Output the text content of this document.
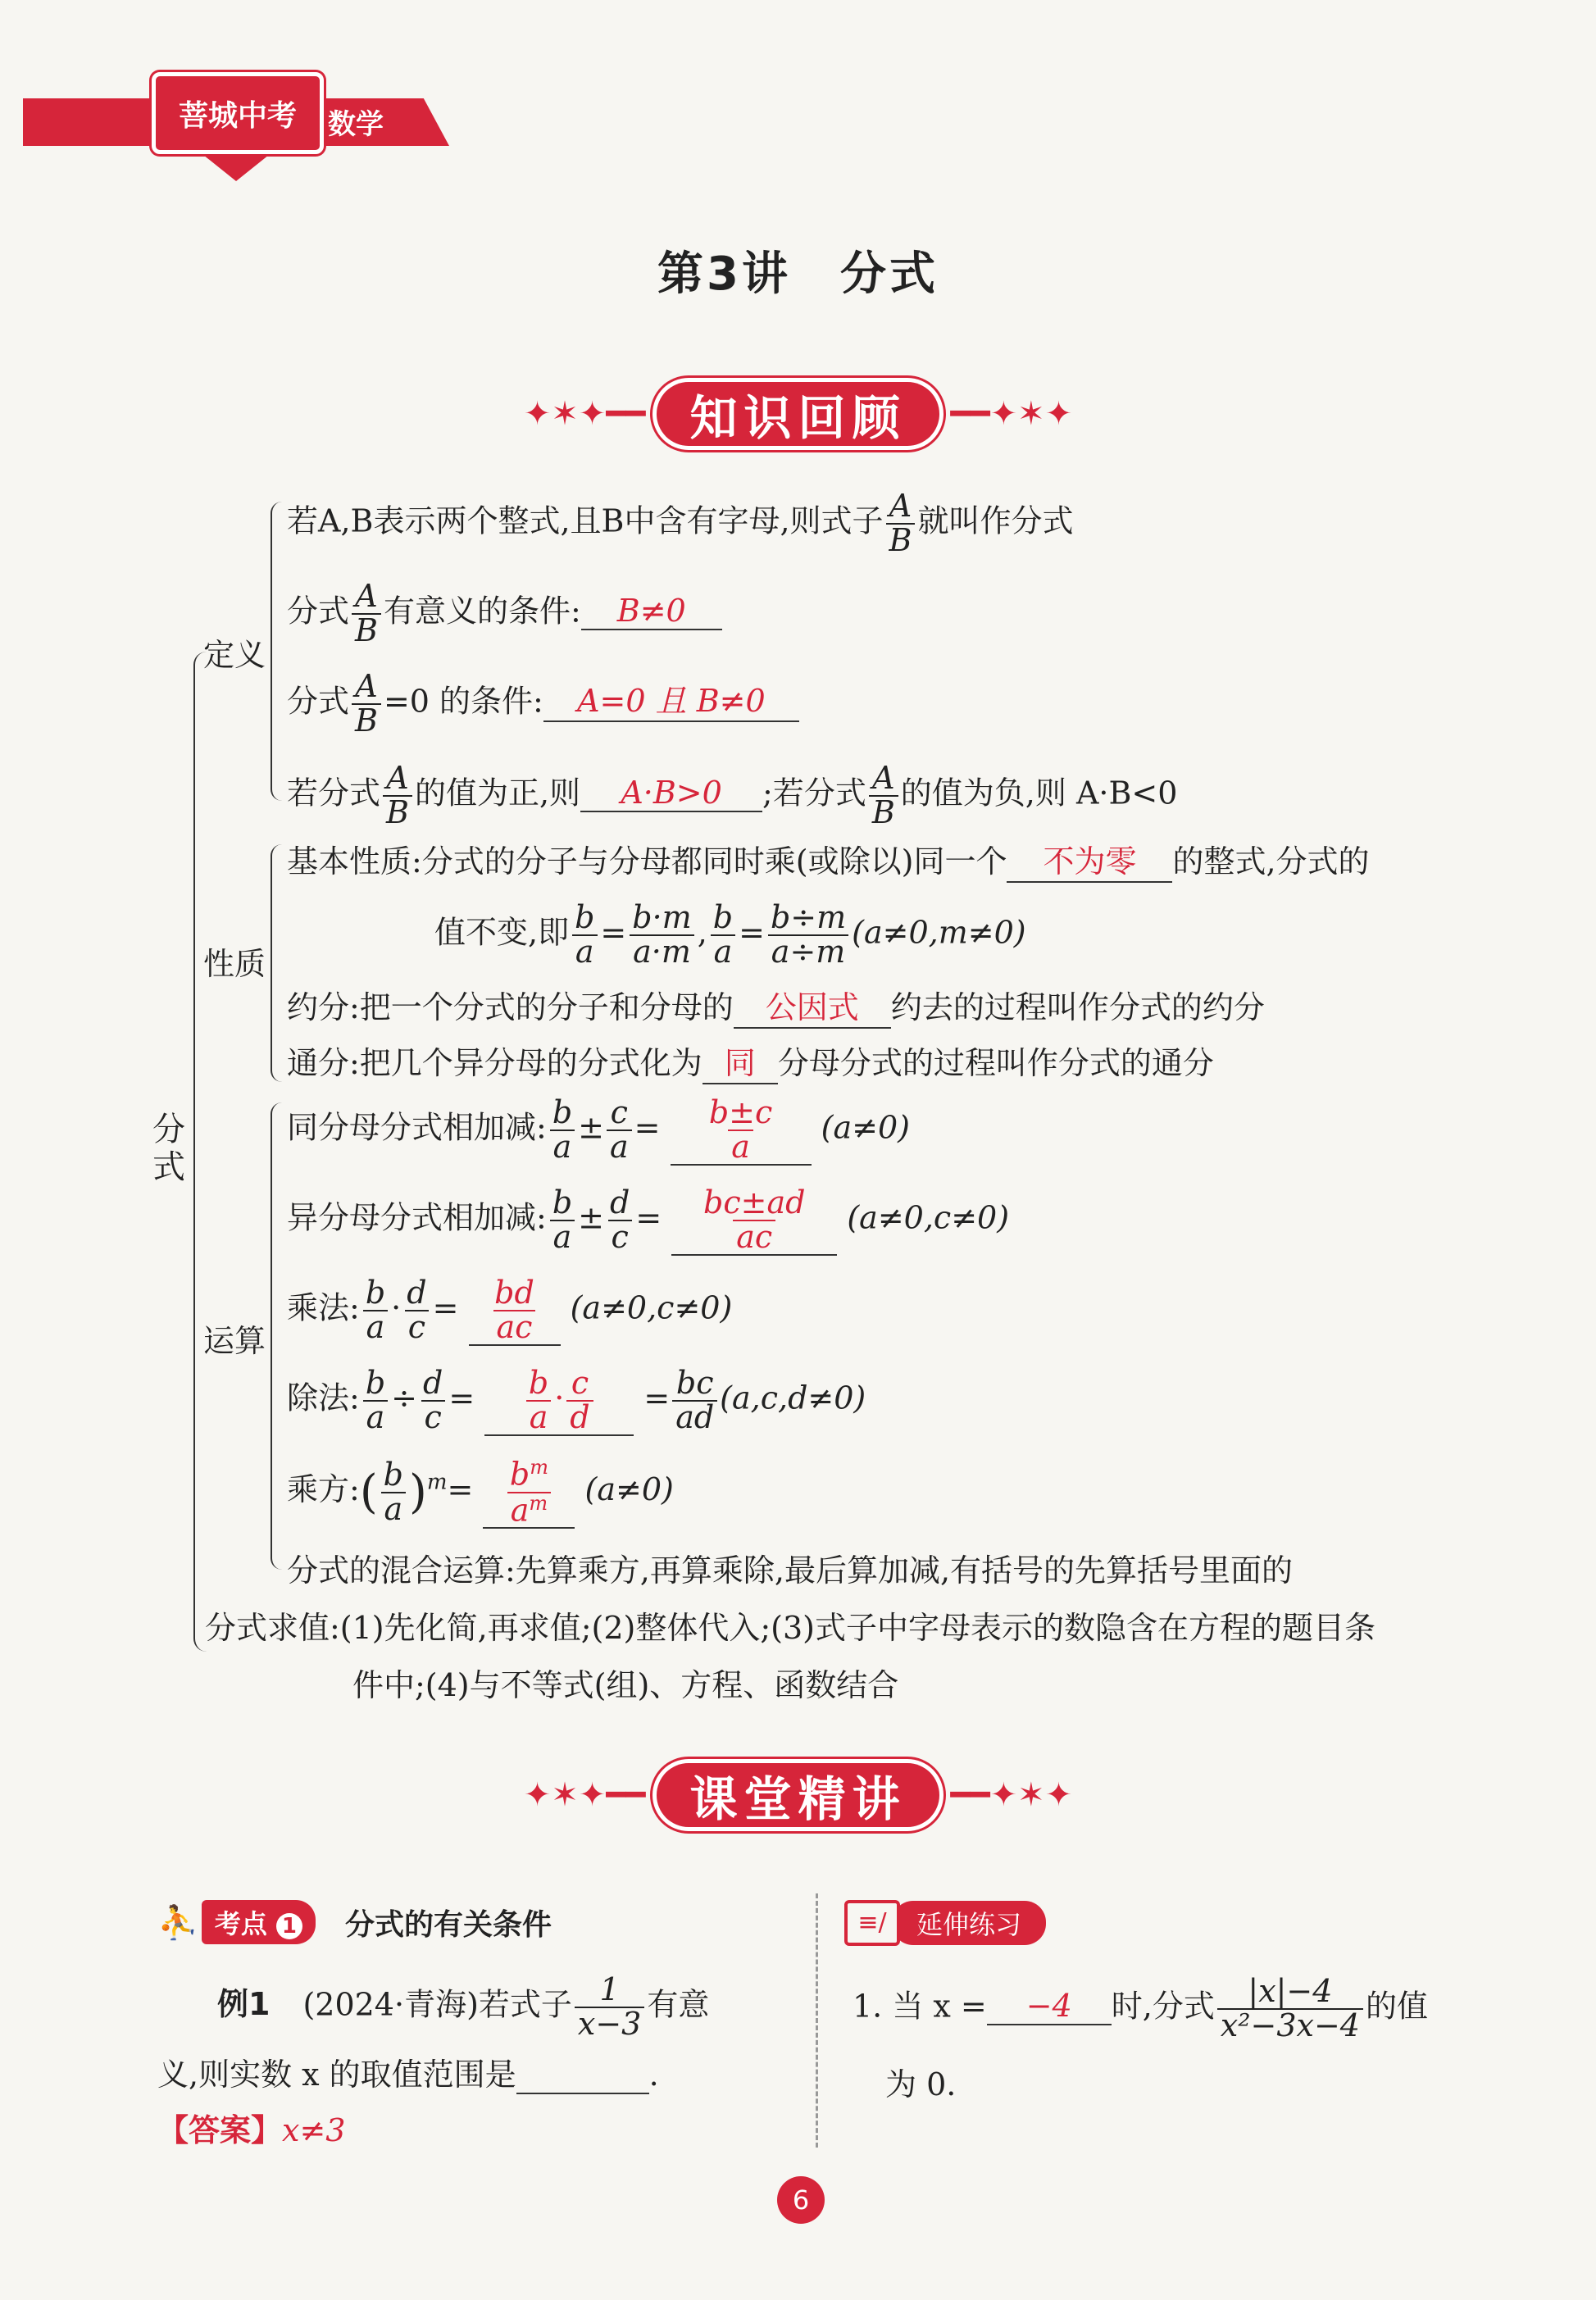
菩城中考	数学
第3讲　分式
✦✶✦━━ 知识回顾 ━━✦✶✦
分式
定义
若A,B表示两个整式,且B中含有字母,则式子 $\frac{A}{B}$ 就叫作分式
分式 $\frac{A}{B}$ 有意义的条件: B≠0
分式 $\frac{A}{B} =0$ 的条件: A=0 且 B≠0
若分式 $\frac{A}{B}$ 的值为正,则 A·B>0 ;若分式 $\frac{A}{B}$ 的值为负,则 A·B<0
性质
基本性质:分式的分子与分母都同时乘(或除以)同一个 不为零 的整式,分式的
值不变,即 $\frac{b}{a} = \frac{b\cdot m}{a\cdot m}$ , $\frac{b}{a} = \frac{b\div m}{a\div m} (a\ne 0,m\ne 0)$
约分:把一个分式的分子和分母的 公因式 约去的过程叫作分式的约分
通分:把几个异分母的分式化为 同 分母分式的过程叫作分式的通分
运算
同分母分式相加减: $\frac{b}{a} \pm \frac{c}{a} = \frac{b\pm c}{a} (a\ne 0)$
异分母分式相加减: $\frac{b}{a} \pm \frac{d}{c} = \frac{bc\pm ad}{ac} (a\ne 0,c\ne 0)$
乘法: $\frac{b}{a} \cdot \frac{d}{c} = \frac{bd}{ac} (a\ne 0,c\ne 0)$
除法: $\frac{b}{a} \div \frac{d}{c} = \frac{b}{a} \cdot \frac{c}{d} = \frac{bc}{ad} (a,c,d\ne 0)$
乘方:( $\frac{b}{a} )^m= \frac{b^m}{a^m} (a\ne 0)$
分式的混合运算:先算乘方,再算乘除,最后算加减,有括号的先算括号里面的
分式求值:(1)先化简,再求值;(2)整体代入;(3)式子中字母表示的数隐含在方程的题目条
件中;(4)与不等式(组)、方程、函数结合
✦✶✦━━ 课堂精讲 ━━✦✶✦
⛹ 考点 1	分式的有关条件
例1 (2024·青海)若式子 $\frac{1}{x-3}$ 有意
义,则实数 x 的取值范围是	.
【答案】x≠3
≡/	延伸练习
1. 当 x = −4 时,分式 $\frac{|x|-4}{\text{x²−3x−4}}$ 的值
为 0.
6
